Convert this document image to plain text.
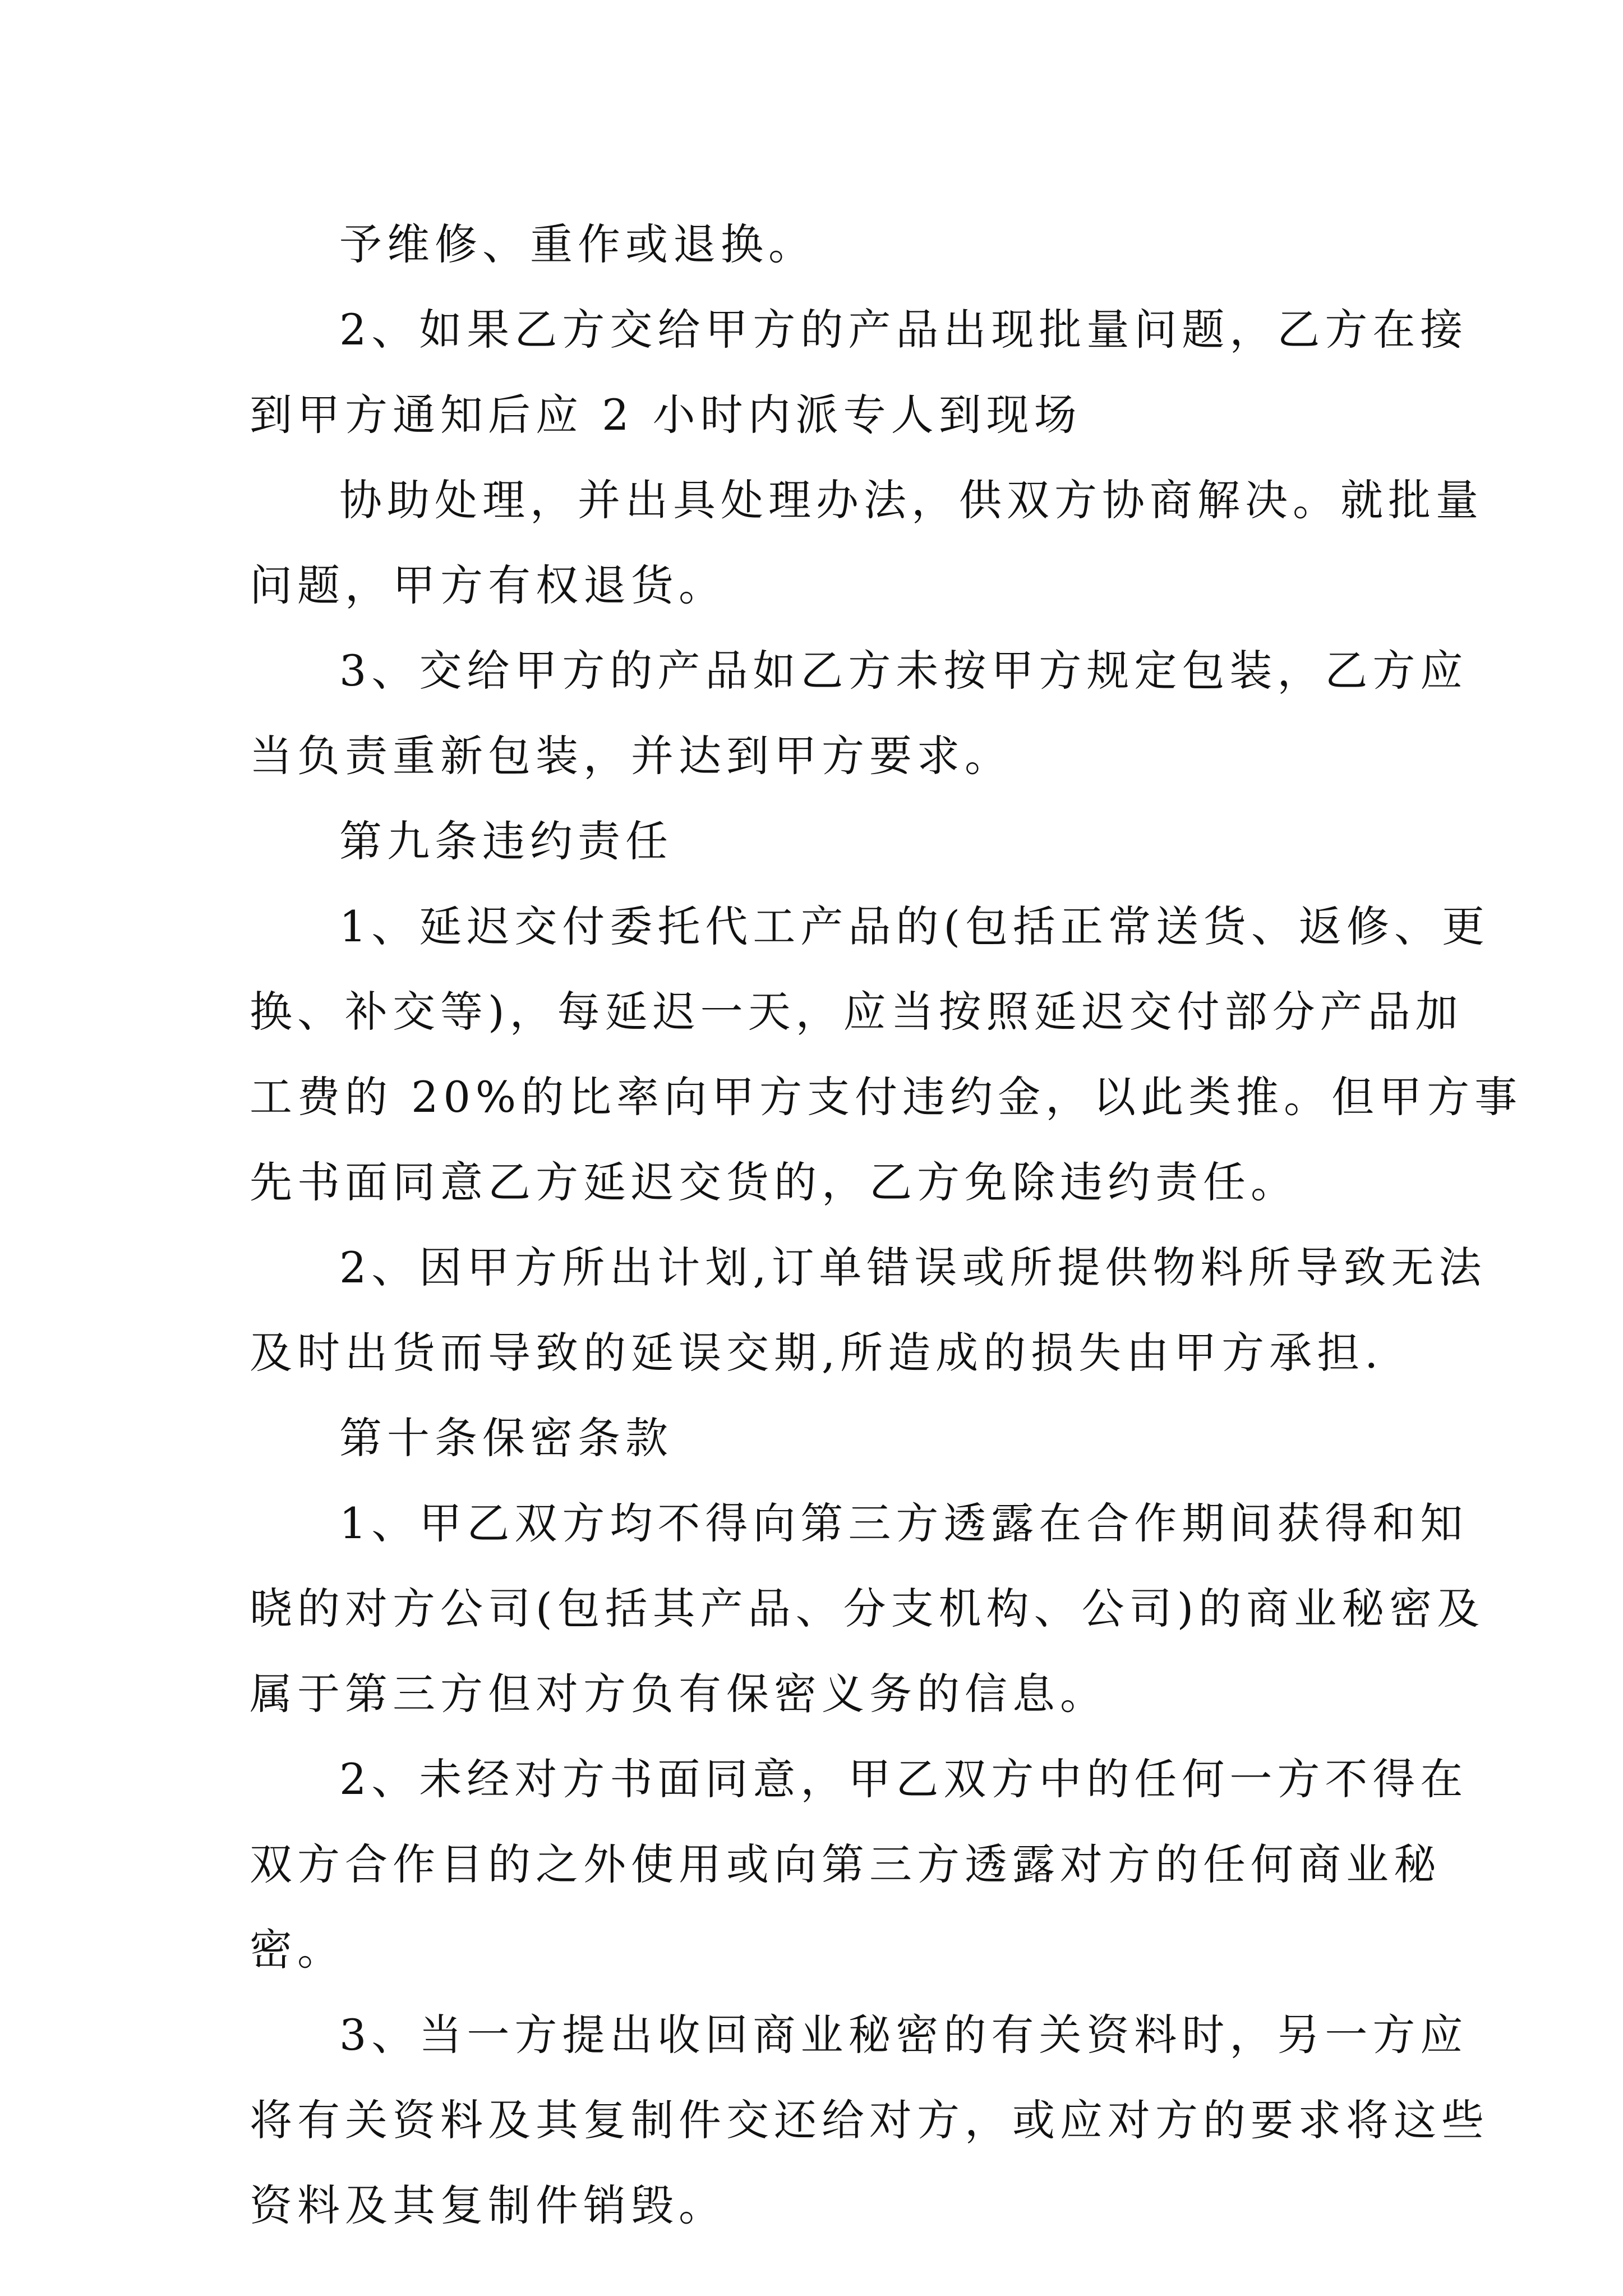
予维修、重作或退换。
2、如果乙方交给甲方的产品出现批量问题，乙方在接
到甲方通知后应 2 小时内派专人到现场
协助处理，并出具处理办法，供双方协商解决。就批量
问题，甲方有权退货。
3、交给甲方的产品如乙方未按甲方规定包装，乙方应
当负责重新包装，并达到甲方要求。
第九条违约责任
1、延迟交付委托代工产品的(包括正常送货、返修、更
换、补交等)，每延迟一天，应当按照延迟交付部分产品加
工费的 20%的比率向甲方支付违约金，以此类推。但甲方事
先书面同意乙方延迟交货的，乙方免除违约责任。
2、因甲方所出计划,订单错误或所提供物料所导致无法
及时出货而导致的延误交期,所造成的损失由甲方承担.
第十条保密条款
1、甲乙双方均不得向第三方透露在合作期间获得和知
晓的对方公司(包括其产品、分支机构、公司)的商业秘密及
属于第三方但对方负有保密义务的信息。
2、未经对方书面同意，甲乙双方中的任何一方不得在
双方合作目的之外使用或向第三方透露对方的任何商业秘
密。
3、当一方提出收回商业秘密的有关资料时，另一方应
将有关资料及其复制件交还给对方，或应对方的要求将这些
资料及其复制件销毁。
